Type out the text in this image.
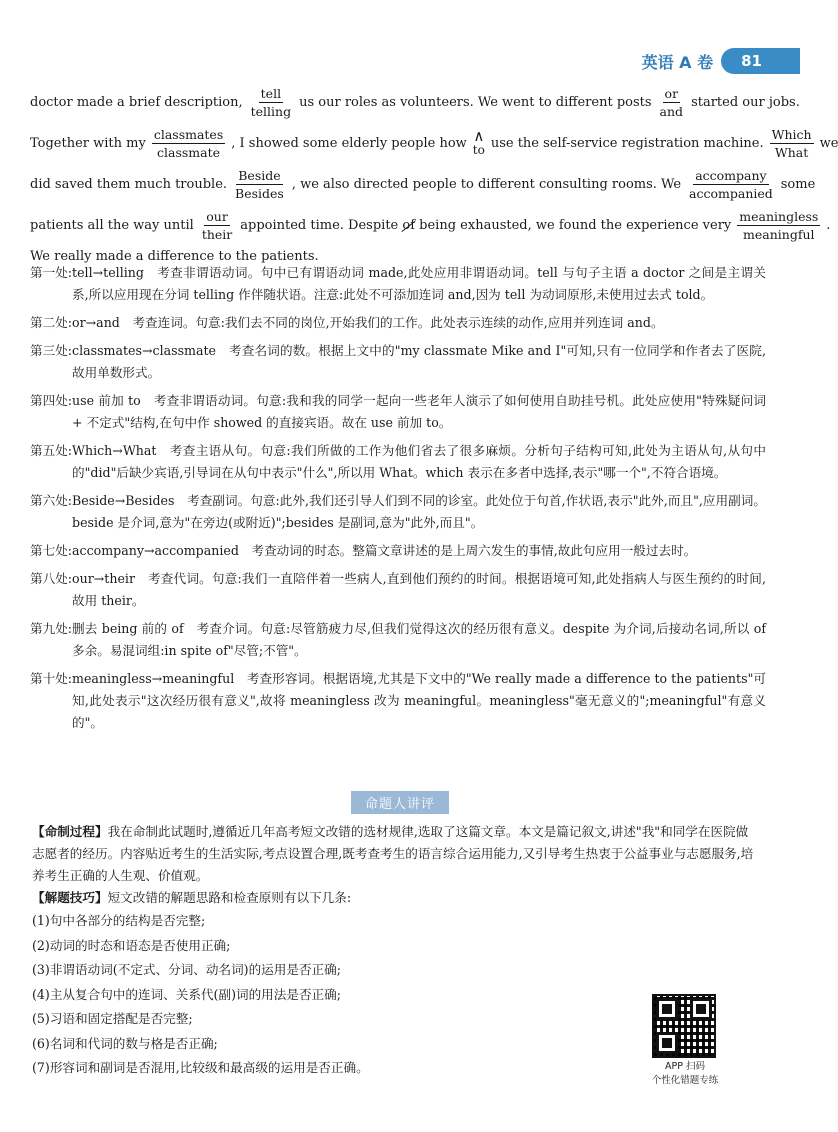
英语 A 卷	81
doctor made a brief description, $\frac{\text{tell}}{\text{telling}}$ us our roles as volunteers. We went to different posts $\frac{or}{\text{and}}$ started our jobs.
Together with my $\frac{\text{classmates}}{\text{classmate}}$ , I showed some elderly people how ∧
to use the self-service registration machine. $\frac{\text{Which}}{\text{What}}$ we
did saved them much trouble. $\frac{\text{Beside}}{\text{Besides}}$ , we also directed people to different consulting rooms. We $\frac{\text{accompany}}{\text{accompanied}}$ some
patients all the way until $\frac{\text{our}}{\text{their}}$ appointed time. Despite
of
being exhausted, we found the experience very $\frac{\text{meaningless}}{\text{meaningful}}$ .
We really made a difference to the patients.
第一处: tell→telling　考查非谓语动词。句中已有谓语动词 made,此处应用非谓语动词。tell 与句子主语 a doctor 之间是主谓关系,所以应用现在分词 telling 作伴随状语。注意:此处不可添加连词 and,因为 tell 为动词原形,未使用过去式 told。
第二处: or→and　考查连词。句意:我们去不同的岗位,开始我们的工作。此处表示连续的动作,应用并列连词 and。
第三处: classmates→classmate　考查名词的数。根据上文中的"my classmate Mike and I"可知,只有一位同学和作者去了医院,故用单数形式。
第四处: use 前加 to　考查非谓语动词。句意:我和我的同学一起向一些老年人演示了如何使用自助挂号机。此处应使用"特殊疑问词 + 不定式"结构,在句中作 showed 的直接宾语。故在 use 前加 to。
第五处: Which→What　考查主语从句。句意:我们所做的工作为他们省去了很多麻烦。分析句子结构可知,此处为主语从句,从句中的"did"后缺少宾语,引导词在从句中表示"什么",所以用 What。which 表示在多者中选择,表示"哪一个",不符合语境。
第六处: Beside→Besides　考查副词。句意:此外,我们还引导人们到不同的诊室。此处位于句首,作状语,表示"此外,而且",应用副词。beside 是介词,意为"在旁边(或附近)";besides 是副词,意为"此外,而且"。
第七处: accompany→accompanied　考查动词的时态。整篇文章讲述的是上周六发生的事情,故此句应用一般过去时。
第八处: our→their　考查代词。句意:我们一直陪伴着一些病人,直到他们预约的时间。根据语境可知,此处指病人与医生预约的时间,故用 their。
第九处: 删去 being 前的 of　考查介词。句意:尽管筋疲力尽,但我们觉得这次的经历很有意义。despite 为介词,后接动名词,所以 of 多余。易混词组:in spite of"尽管;不管"。
第十处: meaningless→meaningful　考查形容词。根据语境,尤其是下文中的"We really made a difference to the patients"可知,此处表示"这次经历很有意义",故将 meaningless 改为 meaningful。meaningless"毫无意义的";meaningful"有意义的"。
命题人讲评

【命制过程】我在命制此试题时,遵循近几年高考短文改错的选材规律,选取了这篇文章。本文是篇记叙文,讲述"我"和同学在医院做志愿者的经历。内容贴近考生的生活实际,考点设置合理,既考查考生的语言综合运用能力,又引导考生热衷于公益事业与志愿服务,培养考生正确的人生观、价值观。

【解题技巧】短文改错的解题思路和检查原则有以下几条:

(1)句中各部分的结构是否完整;
(2)动词的时态和语态是否使用正确;
(3)非谓语动词(不定式、分词、动名词)的运用是否正确;
(4)主从复合句中的连词、关系代(副)词的用法是否正确;
(5)习语和固定搭配是否完整;
(6)名词和代词的数与格是否正确;
(7)形容词和副词是否混用,比较级和最高级的运用是否正确。	APP 扫码
个性化错题专练
